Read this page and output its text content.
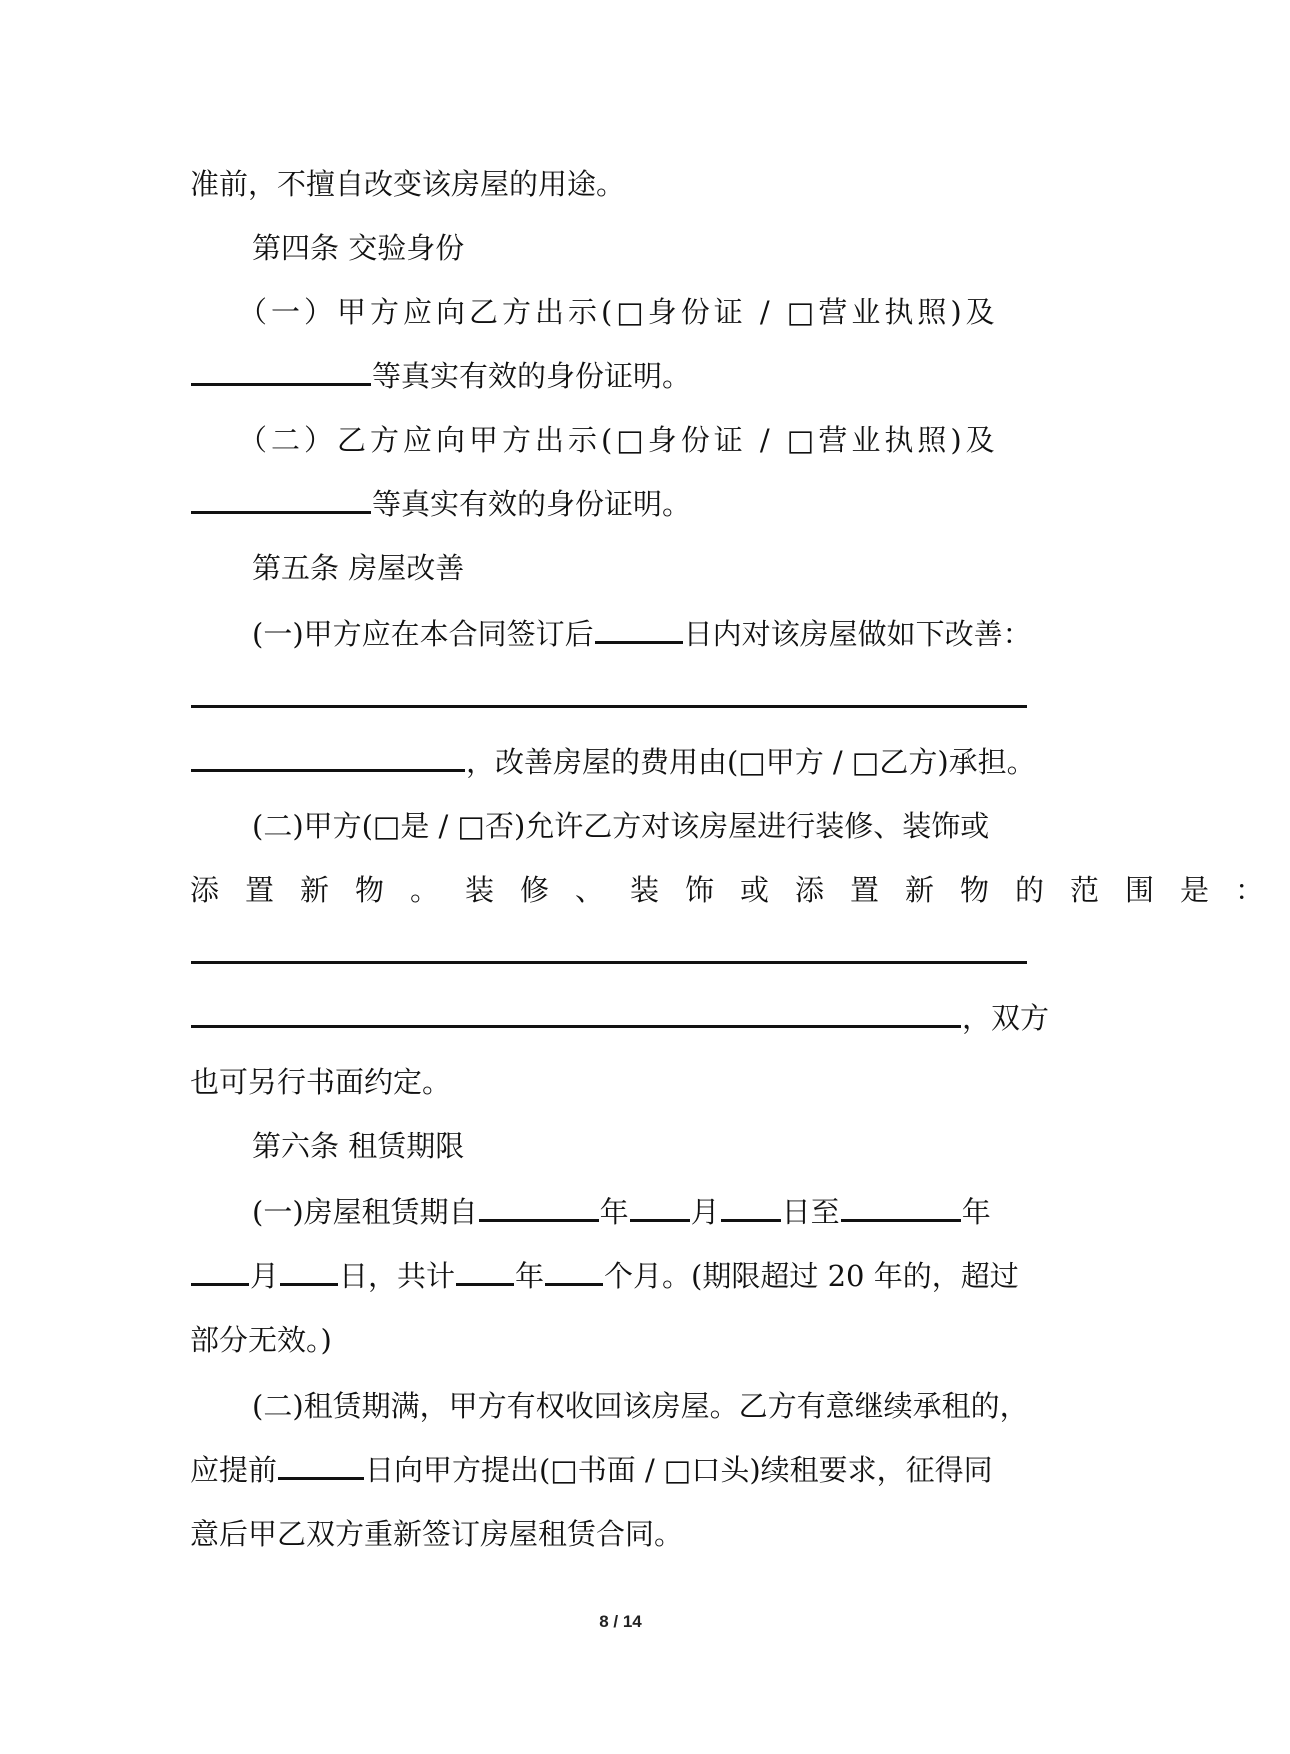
准前，不擅自改变该房屋的用途。
第四条 交验身份
（一）甲方应向乙方出示(□身份证 / □营业执照)及
等真实有效的身份证明。
（二）乙方应向甲方出示(□身份证 / □营业执照)及
等真实有效的身份证明。
第五条 房屋改善
(一)甲方应在本合同签订后	日内对该房屋做如下改善：
，改善房屋的费用由(□甲方 / □乙方)承担。
(二)甲方(□是 / □否)允许乙方对该房屋进行装修、装饰或
添置新物。装修、装饰或添置新物的范围是：
，双方
也可另行书面约定。
第六条 租赁期限
(一)房屋租赁期自	年 月 日至	年
月 日，共计 年 个月。(期限超过 20 年的，超过
部分无效。)
(二)租赁期满，甲方有权收回该房屋。乙方有意继续承租的，
应提前	日向甲方提出(□书面 / □口头)续租要求，征得同
意后甲乙双方重新签订房屋租赁合同。
8 / 14
